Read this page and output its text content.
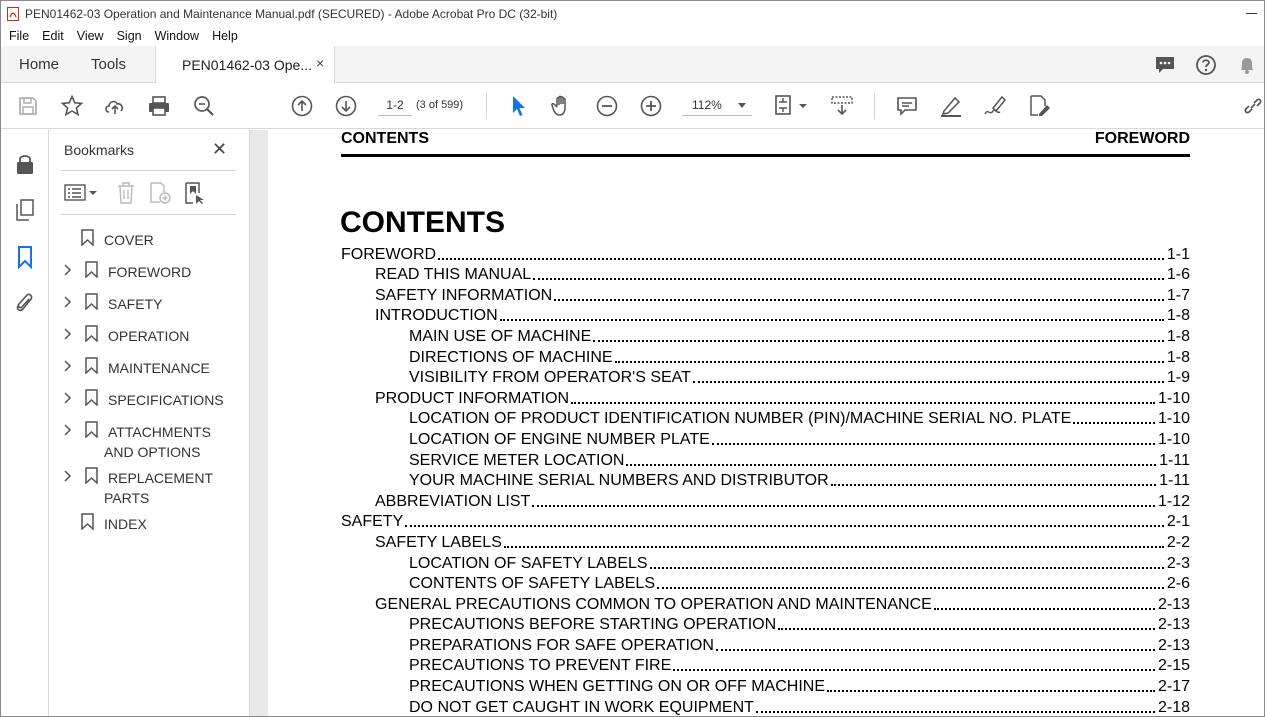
PEN01462-03 Operation and Maintenance Manual.pdf (SECURED) - Adobe Acrobat Pro DC (32-bit)
File Edit View Sign Window Help
Home Tools	PEN01462-03 Ope... ×
1-2	(3 of 599)	112%
Bookmarks	✕
COVER
FOREWORD
SAFETY
OPERATION
MAINTENANCE
SPECIFICATIONS
ATTACHMENTS AND OPTIONS
REPLACEMENT PARTS
INDEX
CONTENTS	FOREWORD
CONTENTS
FOREWORD	1-1
READ THIS MANUAL	1-6
SAFETY INFORMATION	1-7
INTRODUCTION	1-8
MAIN USE OF MACHINE	1-8
DIRECTIONS OF MACHINE	1-8
VISIBILITY FROM OPERATOR'S SEAT	1-9
PRODUCT INFORMATION	1-10
LOCATION OF PRODUCT IDENTIFICATION NUMBER (PIN)/MACHINE SERIAL NO. PLATE	1-10
LOCATION OF ENGINE NUMBER PLATE	1-10
SERVICE METER LOCATION	1-11
YOUR MACHINE SERIAL NUMBERS AND DISTRIBUTOR	1-11
ABBREVIATION LIST	1-12
SAFETY	2-1
SAFETY LABELS	2-2
LOCATION OF SAFETY LABELS	2-3
CONTENTS OF SAFETY LABELS	2-6
GENERAL PRECAUTIONS COMMON TO OPERATION AND MAINTENANCE	2-13
PRECAUTIONS BEFORE STARTING OPERATION	2-13
PREPARATIONS FOR SAFE OPERATION	2-13
PRECAUTIONS TO PREVENT FIRE	2-15
PRECAUTIONS WHEN GETTING ON OR OFF MACHINE	2-17
DO NOT GET CAUGHT IN WORK EQUIPMENT	2-18
